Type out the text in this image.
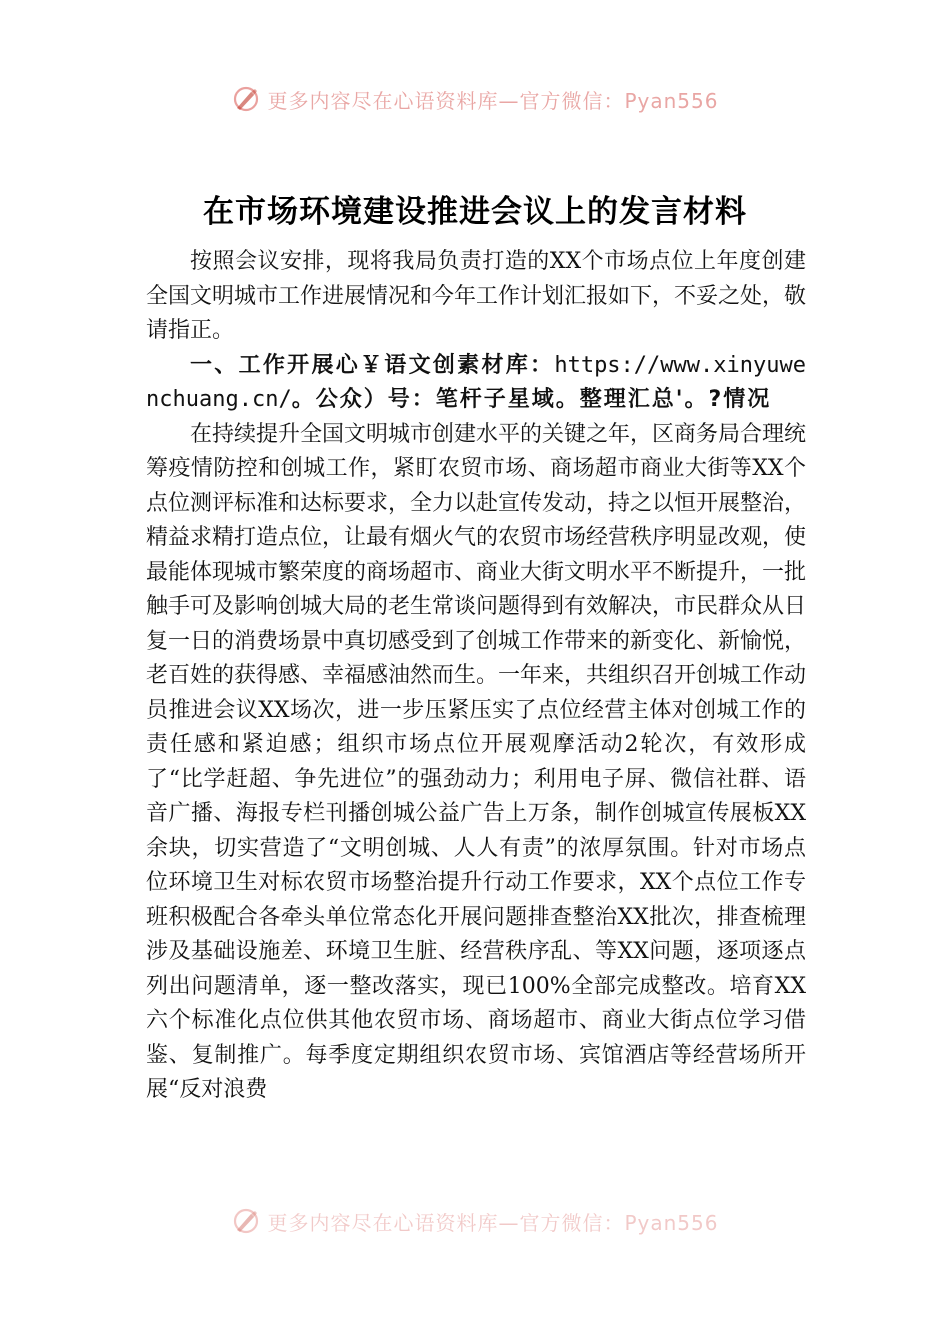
更多内容尽在心语资料库—官方微信：Pyan556
在市场环境建设推进会议上的发言材料

按照会议安排，现将我局负责打造的XX个市场点位上年度创建全国文明城市工作进展情况和今年工作计划汇报如下，不妥之处，敬请指正。

一、工作开展心￥语文创素材库：https://www.xinyuwenchuang.cn/。公众）号：笔杆子星域。整理汇总'。?情况

在持续提升全国文明城市创建水平的关键之年，区商务局合理统筹疫情防控和创城工作，紧盯农贸市场、商场超市商业大街等XX个点位测评标准和达标要求，全力以赴宣传发动，持之以恒开展整治，精益求精打造点位，让最有烟火气的农贸市场经营秩序明显改观，使最能体现城市繁荣度的商场超市、商业大街文明水平不断提升，一批触手可及影响创城大局的老生常谈问题得到有效解决，市民群众从日复一日的消费场景中真切感受到了创城工作带来的新变化、新愉悦，老百姓的获得感、幸福感油然而生。一年来，共组织召开创城工作动员推进会议XX场次，进一步压紧压实了点位经营主体对创城工作的责任感和紧迫感；组织市场点位开展观摩活动2轮次，有效形成了“比学赶超、争先进位”的强劲动力；利用电子屏、微信社群、语音广播、海报专栏刊播创城公益广告上万条，制作创城宣传展板XX余块，切实营造了“文明创城、人人有责”的浓厚氛围。针对市场点位环境卫生对标农贸市场整治提升行动工作要求，XX个点位工作专班积极配合各牵头单位常态化开展问题排查整治XX批次，排查梳理涉及基础设施差、环境卫生脏、经营秩序乱、等XX问题，逐项逐点列出问题清单，逐一整改落实，现已100%全部完成整改。培育XX六个标准化点位供其他农贸市场、商场超市、商业大街点位学习借鉴、复制推广。每季度定期组织农贸市场、宾馆酒店等经营场所开展“反对浪费

更多内容尽在心语资料库—官方微信：Pyan556
